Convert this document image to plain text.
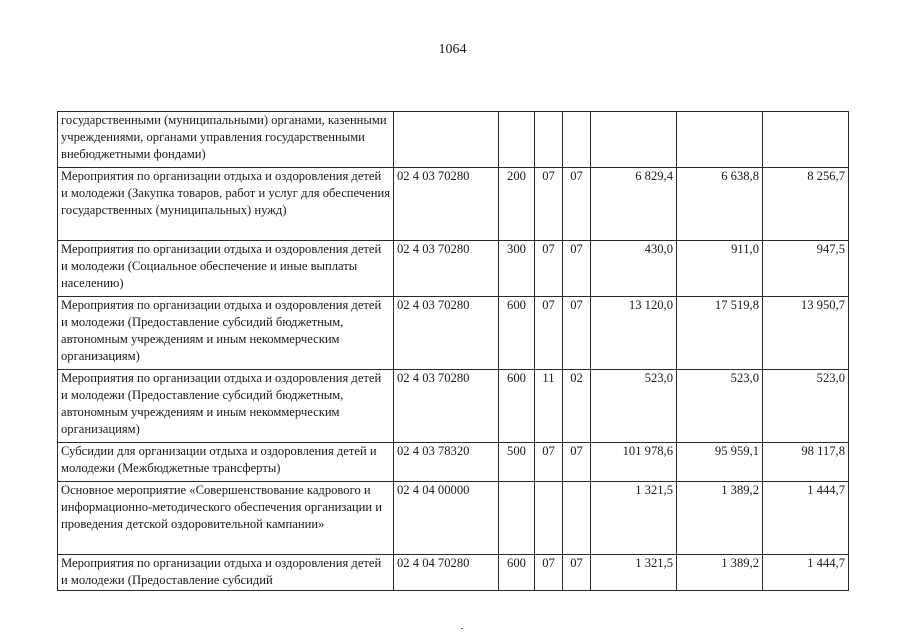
1064
государственными (муниципальными) органами, казенными учреждениями, органами управления государственными внебюджетными фондами)							
Мероприятия по организации отдыха и оздоровления детей и молодежи (Закупка товаров, работ и услуг для обеспечения государственных (муниципальных) нужд)	02 4 03 70280	200	07	07	6 829,4	6 638,8	8 256,7
Мероприятия по организации отдыха и оздоровления детей и молодежи (Социальное обеспечение и иные выплаты населению)	02 4 03 70280	300	07	07	430,0	911,0	947,5
Мероприятия по организации отдыха и оздоровления детей и молодежи (Предоставление субсидий бюджетным, автономным учреждениям и иным некоммерческим организациям)	02 4 03 70280	600	07	07	13 120,0	17 519,8	13 950,7
Мероприятия по организации отдыха и оздоровления детей и молодежи (Предоставление субсидий бюджетным, автономным учреждениям и иным некоммерческим организациям)	02 4 03 70280	600	11	02	523,0	523,0	523,0
Субсидии для организации отдыха и оздоровления детей и молодежи (Межбюджетные трансферты)	02 4 03 78320	500	07	07	101 978,6	95 959,1	98 117,8
Основное мероприятие «Совершенствование кадрового и информационно-методического обеспечения организации и проведения детской оздоровительной кампании»	02 4 04 00000				1 321,5	1 389,2	1 444,7
Мероприятия по организации отдыха и оздоровления детей и молодежи (Предоставление субсидий	02 4 04 70280	600	07	07	1 321,5	1 389,2	1 444,7
